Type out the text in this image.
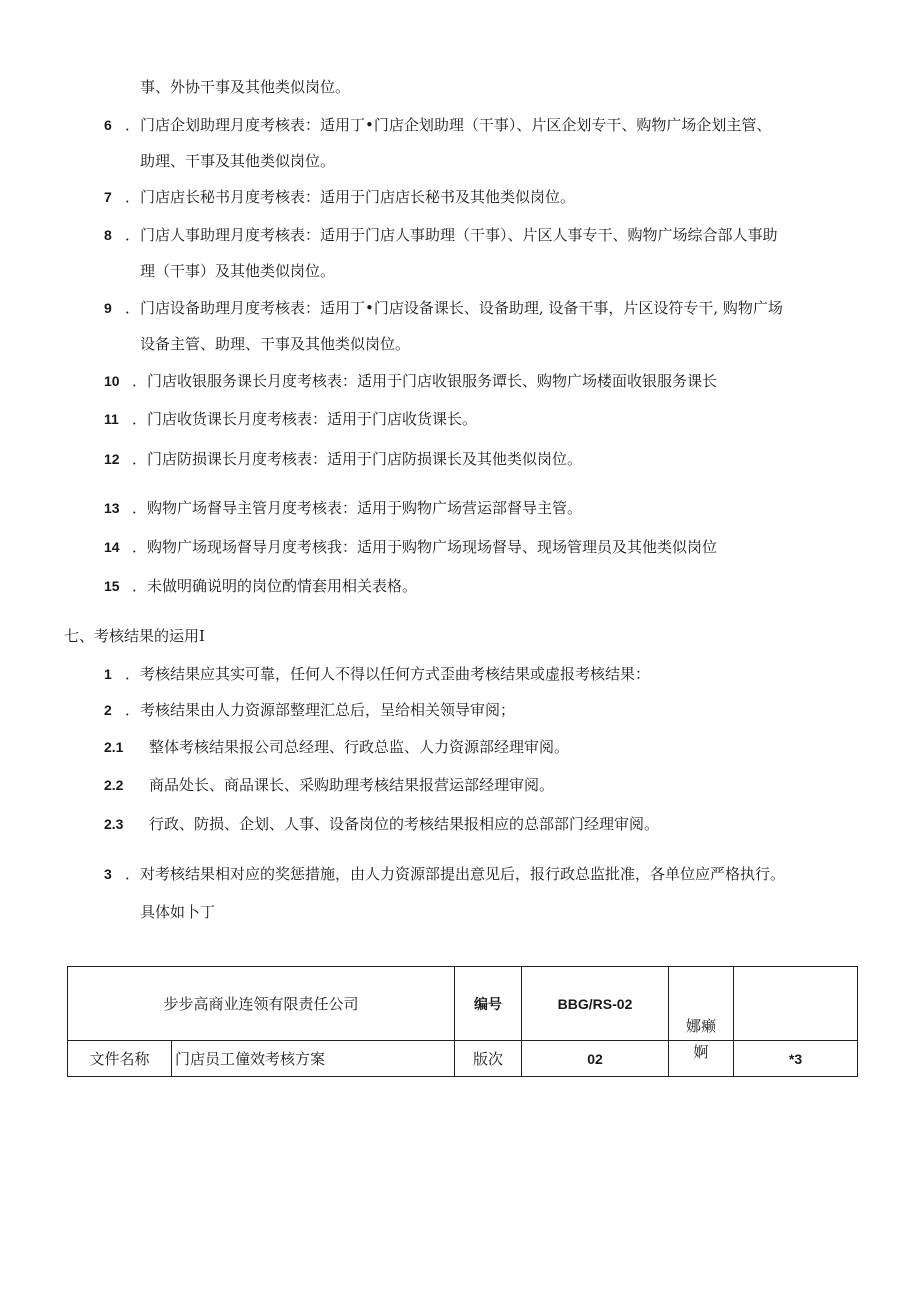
事、外协干事及其他类似岗位。
6 ．门店企划助理月度考核表：适用丁•门店企划助理（干事）、片区企划专干、购物广场企划主管、
助理、干事及其他类似岗位。
7 ．门店店长秘书月度考核表：适用于门店店长秘书及其他类似岗位。
8 ．门店人事助理月度考核表：适用于门店人事助理（干事）、片区人事专干、购物广场综合部人事助
理（干事）及其他类似岗位。
9 ．门店设备助理月度考核表：适用丁•门店设备课长、设备助理, 设备干事，片区设符专干, 购物广场
设备主管、助理、干事及其他类似岗位。
10 ．门店收银服务课长月度考核表：适用于门店收银服务谭长、购物广场楼面收银服务课长
11 ．门店收货课长月度考核表：适用于门店收货课长。
12 ．门店防损课长月度考核表：适用于门店防损课长及其他类似岗位。
13 ．购物广场督导主管月度考核表：适用于购物广场营运部督导主管。
14 ．购物广场现场督导月度考核我：适用于购物广场现场督导、现场管理员及其他类似岗位
15 ．未做明确说明的岗位酌情套用相关表格。
七、考核结果的运用I
1 ．考核结果应其实可靠，任何人不得以任何方式歪曲考核结果或虚报考核结果：
2 ．考核结果由人力资源部整理汇总后，呈给相关领导审阅；
2.1 整体考核结果报公司总经理、行政总监、人力资源部经理审阅。
2.2 商品处长、商品课长、采购助理考核结果报营运部经理审阅。
2.3 行政、防损、企划、人事、设备岗位的考核结果报相应的总部部门经理审阅。
3 ．对考核结果相对应的奖惩措施，由人力资源部提出意见后，报行政总监批准，各单位应严格执行。
具体如卜丁
步步高商业连领有限责任公司		编号	BBG/RS-02	娜癞	
文件名称	门店员工僮效考核方案	版次	02	婀	*3
